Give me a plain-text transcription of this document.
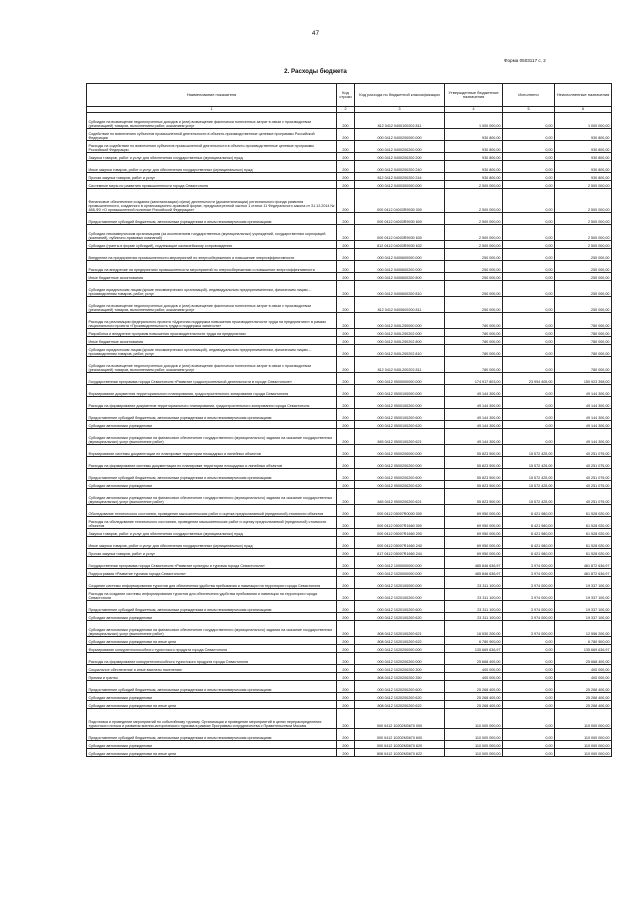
47
Форма 0503117 с. 2
2. Расходы бюджета
Наименование показателя	Код строки	Код расхода по бюджетной классификации	Утвержденные бюджетные назначения	Исполнено	Неисполненные назначения
1	2	3	4	5	6
Субсидии на возмещение недополученных доходов и (или) возмещение фактически понесенных затрат в связи с производством (реализацией) товаров, выполнением работ, оказанием услуг	200	812 0412 0400100202 811	1 000 000,00	0,00	1 000 000,00
Содействие по вовлечению субъектов промышленной деятельности в объекто-производственные целевые программы Российской Федерации	200	000 0412 0400200000 000	930 800,00	0,00	930 800,00
Расходы на содействие по вовлечению субъектов промышленной деятельности в объекто-производственные целевые программы Российской Федерации	200	000 0412 0400200200 000	930 800,00	0,00	930 800,00
Закупка товаров, работ и услуг для обеспечения государственных (муниципальных) нужд	200	000 0412 0400200200 200	930 800,00	0,00	930 800,00
Иные закупки товаров, работ и услуг для обеспечения государственных (муниципальных) нужд	200	000 0412 0400200200 240	930 800,00	0,00	930 800,00
Прочая закупка товаров, работ и услуг	200	812 0412 0400200200 244	930 800,00	0,00	930 800,00
Системные меры по развитию промышленности города Севастополя	200	000 0412 0400300000 000	2 500 000,00	0,00	2 500 000,00
Финансовое обеспечение создания (капитализации) и(или) деятельности (докапитализации) регионального фонда развития промышленности, созданного в организационно-правовой форме, предусмотренной частью 1 статьи 11 Федерального закона от 31.12.2014 № 488-ФЗ «О промышленной политике Российской Федерации»	200	000 0412 04003R5930 000	2 500 000,00	0,00	2 500 000,00
Предоставление субсидий бюджетным, автономным учреждениям и иным некоммерческим организациям	200	000 0412 04003R5930 600	2 500 000,00	0,00	2 500 000,00
Субсидии некоммерческим организациям (за исключением государственных (муниципальных) учреждений, государственных корпораций (компаний), публично-правовых компаний)	200	000 0412 04003R5930 630	2 500 000,00	0,00	2 500 000,00
Субсидии (гранты в форме субсидий), подлежащие казначейскому сопровождению	200	812 0412 04003R5930 632	2 500 000,00	0,00	2 500 000,00
Внедрение на предприятиях промышленности мероприятий по энергосбережению и повышение энергоэффективности	200	000 0412 0400600000 000	250 000,00	0,00	250 000,00
Расходы на внедрение на предприятиях промышленности мероприятий по энергосбережению и повышение энергоэффективности	200	000 0412 0400600200 000	250 000,00	0,00	250 000,00
Иные бюджетные ассигнования	200	000 0412 0400600200 800	250 000,00	0,00	250 000,00
Субсидии юридическим лицам (кроме некоммерческих организаций), индивидуальным предпринимателям, физическим лицам – производителям товаров, работ, услуг	200	000 0412 0400600200 810	250 000,00	0,00	250 000,00
Субсидии на возмещение недополученных доходов и (или) возмещение фактически понесенных затрат в связи с производством (реализацией) товаров, выполнением работ, оказанием услуг	200	812 0412 0400600200 811	250 000,00	0,00	250 000,00
Расходы на реализацию федерального проекта «Адресная поддержка повышения производительности труда на предприятиях» в рамках национального проекта «Производительность труда и поддержка занятости»	200	000 0412 040L200000 000	780 000,00	0,00	780 000,00
Разработка и внедрение программ повышения производительности труда на предприятиях	200	000 0412 040L200202 000	780 000,00	0,00	780 000,00
Иные бюджетные ассигнования	200	000 0412 040L200202 800	780 000,00	0,00	780 000,00
Субсидии юридическим лицам (кроме некоммерческих организаций), индивидуальным предпринимателям, физическим лицам – производителям товаров, работ, услуг	200	000 0412 040L200202 810	780 000,00	0,00	780 000,00
Субсидии на возмещение недополученных доходов и (или) возмещение фактически понесенных затрат в связи с производством (реализацией) товаров, выполнением работ, оказанием услуг	200	812 0412 040L200202 811	780 000,00	0,00	780 000,00
Государственная программа города Севастополя «Развитие градостроительной деятельности в городе Севастополе»	200	000 0412 0500000000 000	174 917 803,00	23 994 405,00	150 923 398,00
Формирование документов территориального планирования, градостроительного зонирования города Севастополя	200	000 0412 0500100000 000	49 144 300,00	0,00	49 144 300,00
Расходы на формирование документов территориального планирования, градостроительного зонирования города Севастополя	200	000 0412 0500100200 000	49 144 300,00	0,00	49 144 300,00
Предоставление субсидий бюджетным, автономным учреждениям и иным некоммерческим организациям	200	000 0412 0500100200 600	49 144 300,00	0,00	49 144 300,00
Субсидии автономным учреждениям	200	000 0412 0500100200 620	49 144 300,00	0,00	49 144 300,00
Субсидии автономным учреждениям на финансовое обеспечение государственного (муниципального) задания на оказание государственных (муниципальных) услуг (выполнение работ)	200	845 0412 0500100200 621	49 144 300,00	0,00	49 144 300,00
Формирование системы документации по планировке территории площадных и линейных объектов	200	000 0412 0500200000 000	55 823 500,00	15 572 425,00	40 251 075,00
Расходы на формирование системы документации по планировке территории площадных и линейных объектов	200	000 0412 0500200200 000	55 823 500,00	15 572 425,00	40 251 075,00
Предоставление субсидий бюджетным, автономным учреждениям и иным некоммерческим организациям	200	000 0412 0500200200 600	55 823 500,00	15 572 425,00	40 251 075,00
Субсидии автономным учреждениям	200	000 0412 0500200200 620	55 823 500,00	15 572 425,00	40 251 075,00
Субсидии автономным учреждениям на финансовое обеспечение государственного (муниципального) задания на оказание государственных (муниципальных) услуг (выполнение работ)	200	845 0412 0500200200 621	55 823 500,00	15 572 425,00	40 251 075,00
Обследование технического состояния, проведение мысыкательских работ и оценка предполагаемой (предельной) стоимости объектов	200	000 0412 05007R0000 000	69 950 000,00	8 421 980,00	61 528 020,00
Расходы на обследование технического состояния, проведение мысыкательских работ и оценку предполагаемой (предельной) стоимости объектов	200	000 0412 05007R1660 000	69 950 000,00	8 421 980,00	61 528 020,00
Закупка товаров, работ и услуг для обеспечения государственных (муниципальных) нужд	200	000 0412 05007R1660 200	69 950 000,00	8 421 980,00	61 528 020,00
Иные закупки товаров, работ и услуг для обеспечения государственных (муниципальных) нужд	200	000 0412 05007R1660 240	69 950 000,00	8 421 980,00	61 528 020,00
Прочая закупка товаров, работ и услуг	200	817 0412 05007R1660 244	69 950 000,00	8 421 980,00	61 528 020,00
Государственная программа города Севастополя «Развитие культуры и туризма города Севастополя»	200	000 0412 1000000000 000	485 846 636,97	3 974 000,00	481 872 636,97
Подпрограмма «Развитие туризма города Севастополя»	200	000 0412 1020000000 000	485 846 636,97	3 974 000,00	481 872 636,97
Создание системы информирования туристов для обеспечения удобства пребывания и навигации на территории города Севастополя	200	000 0412 1020100000 000	23 311 100,00	3 974 000,00	19 337 100,00
Расходы на создание системы информирования туристов для обеспечения удобства пребывания и навигации на территории города Севастополя	200	000 0412 1020100200 000	23 311 100,00	3 974 000,00	19 337 100,00
Предоставление субсидий бюджетным, автономным учреждениям и иным некоммерческим организациям	200	000 0412 1020100200 600	23 311 100,00	3 974 000,00	19 337 100,00
Субсидии автономным учреждениям	200	000 0412 1020100200 620	23 311 100,00	3 974 000,00	19 337 100,00
Субсидии автономным учреждениям на финансовое обеспечение государственного (муниципального) задания на оказание государственных (муниципальных) услуг (выполнение работ)	200	808 0412 1020100200 621	16 530 200,00	3 974 000,00	12 556 200,00
Субсидии автономным учреждениям на иные цели	200	808 0412 1020100200 622	6 780 900,00	0,00	6 780 900,00
Формирование конкурентоспособного туристского продукта города Севастополя	200	000 0412 1020200000 000	135 669 636,97	0,00	135 669 636,97
Расходы на формирование конкурентоспособного туристского продукта города Севастополя	200	000 0412 1020200200 000	25 668 400,00	0,00	25 668 400,00
Социальное обеспечение и иные выплаты населению	200	000 0412 1020200200 300	400 000,00	0,00	400 000,00
Премии и гранты	200	808 0412 1020200200 350	400 000,00	0,00	400 000,00
Предоставление субсидий бюджетным, автономным учреждениям и иным некоммерческим организациям	200	000 0412 1020200200 600	25 268 400,00	0,00	25 268 400,00
Субсидии автономным учреждениям	200	000 0412 1020200200 620	25 268 400,00	0,00	25 268 400,00
Субсидии автономным учреждениям на иные цели	200	808 0412 1020200200 622	25 268 400,00	0,00	25 268 400,00
Подготовка и проведение мероприятий по событийному туризму. Организация и проведение мероприятий в целях перераспределения туристского потока и развития военно-исторического туризма в рамках Программы сотрудничества с Правительством Москвы	200	000 0412 10202M3670 000	110 000 000,00	0,00	110 000 000,00
Предоставление субсидий бюджетным, автономным учреждениям и иным некоммерческим организациям	200	000 0412 10202M3670 600	110 000 000,00	0,00	110 000 000,00
Субсидии автономным учреждениям	200	000 0412 10202M3670 620	110 000 000,00	0,00	110 000 000,00
Субсидии автономным учреждениям на иные цели	200	808 0412 10202M3670 622	110 000 000,00	0,00	110 000 000,00
